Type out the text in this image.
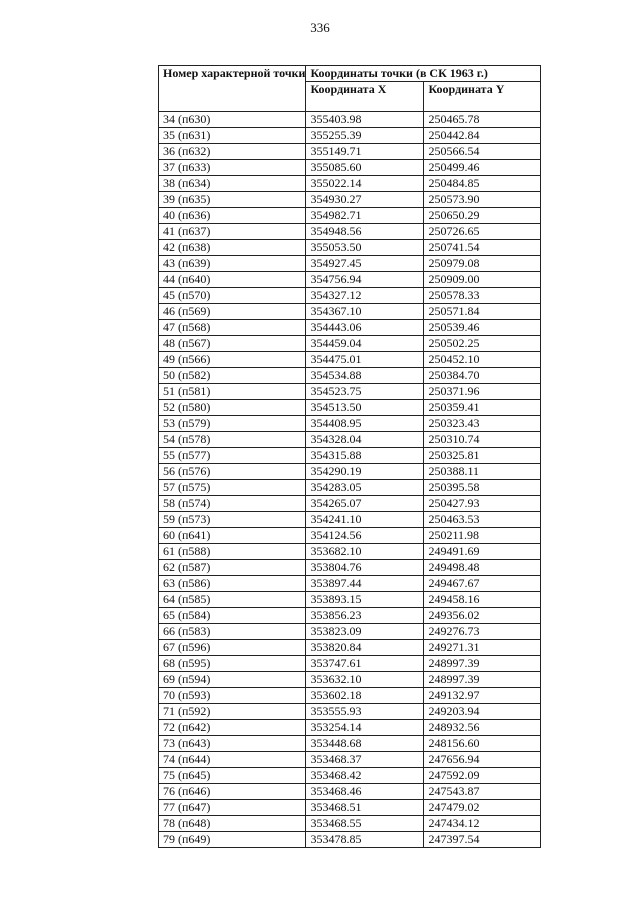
336
Номер характерной точки	Координаты точки (в СК 1963 г.)	
	Координата X	Координата Y
34 (п630)	355403.98	250465.78
35 (п631)	355255.39	250442.84
36 (п632)	355149.71	250566.54
37 (п633)	355085.60	250499.46
38 (п634)	355022.14	250484.85
39 (п635)	354930.27	250573.90
40 (п636)	354982.71	250650.29
41 (п637)	354948.56	250726.65
42 (п638)	355053.50	250741.54
43 (п639)	354927.45	250979.08
44 (п640)	354756.94	250909.00
45 (п570)	354327.12	250578.33
46 (п569)	354367.10	250571.84
47 (п568)	354443.06	250539.46
48 (п567)	354459.04	250502.25
49 (п566)	354475.01	250452.10
50 (п582)	354534.88	250384.70
51 (п581)	354523.75	250371.96
52 (п580)	354513.50	250359.41
53 (п579)	354408.95	250323.43
54 (п578)	354328.04	250310.74
55 (п577)	354315.88	250325.81
56 (п576)	354290.19	250388.11
57 (п575)	354283.05	250395.58
58 (п574)	354265.07	250427.93
59 (п573)	354241.10	250463.53
60 (п641)	354124.56	250211.98
61 (п588)	353682.10	249491.69
62 (п587)	353804.76	249498.48
63 (п586)	353897.44	249467.67
64 (п585)	353893.15	249458.16
65 (п584)	353856.23	249356.02
66 (п583)	353823.09	249276.73
67 (п596)	353820.84	249271.31
68 (п595)	353747.61	248997.39
69 (п594)	353632.10	248997.39
70 (п593)	353602.18	249132.97
71 (п592)	353555.93	249203.94
72 (п642)	353254.14	248932.56
73 (п643)	353448.68	248156.60
74 (п644)	353468.37	247656.94
75 (п645)	353468.42	247592.09
76 (п646)	353468.46	247543.87
77 (п647)	353468.51	247479.02
78 (п648)	353468.55	247434.12
79 (п649)	353478.85	247397.54
